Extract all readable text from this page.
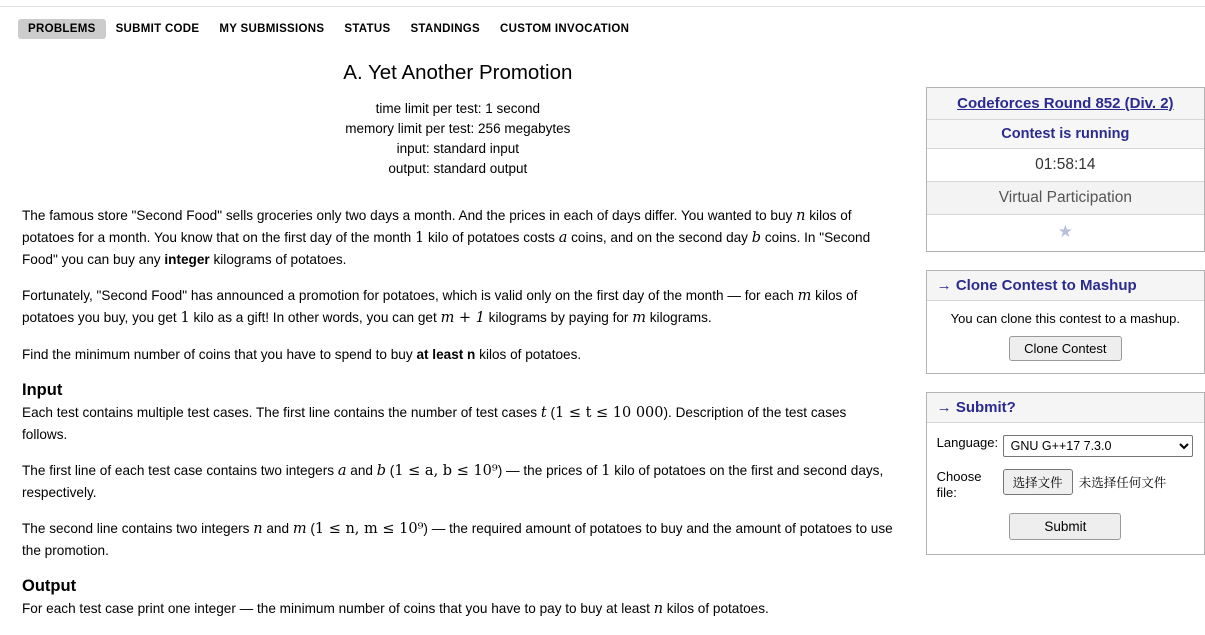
PROBLEMS	SUBMIT CODE	MY SUBMISSIONS	STATUS	STANDINGS	CUSTOM INVOCATION
A. Yet Another Promotion
time limit per test: 1 second
memory limit per test: 256 megabytes
input: standard input
output: standard output

The famous store "Second Food" sells groceries only two days a month. And the prices in each of days differ. You wanted to buy n kilos of potatoes for a month. You know that on the first day of the month 1 kilo of potatoes costs a coins, and on the second day b coins. In "Second Food" you can buy any integer kilograms of potatoes.

Fortunately, "Second Food" has announced a promotion for potatoes, which is valid only on the first day of the month — for each m kilos of potatoes you buy, you get 1 kilo as a gift! In other words, you can get m + 1 kilograms by paying for m kilograms.

Find the minimum number of coins that you have to spend to buy at least n kilos of potatoes.

Input

Each test contains multiple test cases. The first line contains the number of test cases t (1 ≤ t ≤ 10 000). Description of the test cases follows.

The first line of each test case contains two integers a and b (1 ≤ a, b ≤ 10⁹) — the prices of 1 kilo of potatoes on the first and second days, respectively.

The second line contains two integers n and m (1 ≤ n, m ≤ 10⁹) — the required amount of potatoes to buy and the amount of potatoes to use the promotion.

Output

For each test case print one integer — the minimum number of coins that you have to pay to buy at least n kilos of potatoes.

Codeforces Round 852 (Div. 2)
Contest is running
01:58:14
Virtual Participation
★
→ Clone Contest to Mashup

You can clone this contest to a mashup.

Clone Contest
→ Submit?
Language:
GNU G++17 7.3.0
Choose file:
选择文件	未选择任何文件
Submit
